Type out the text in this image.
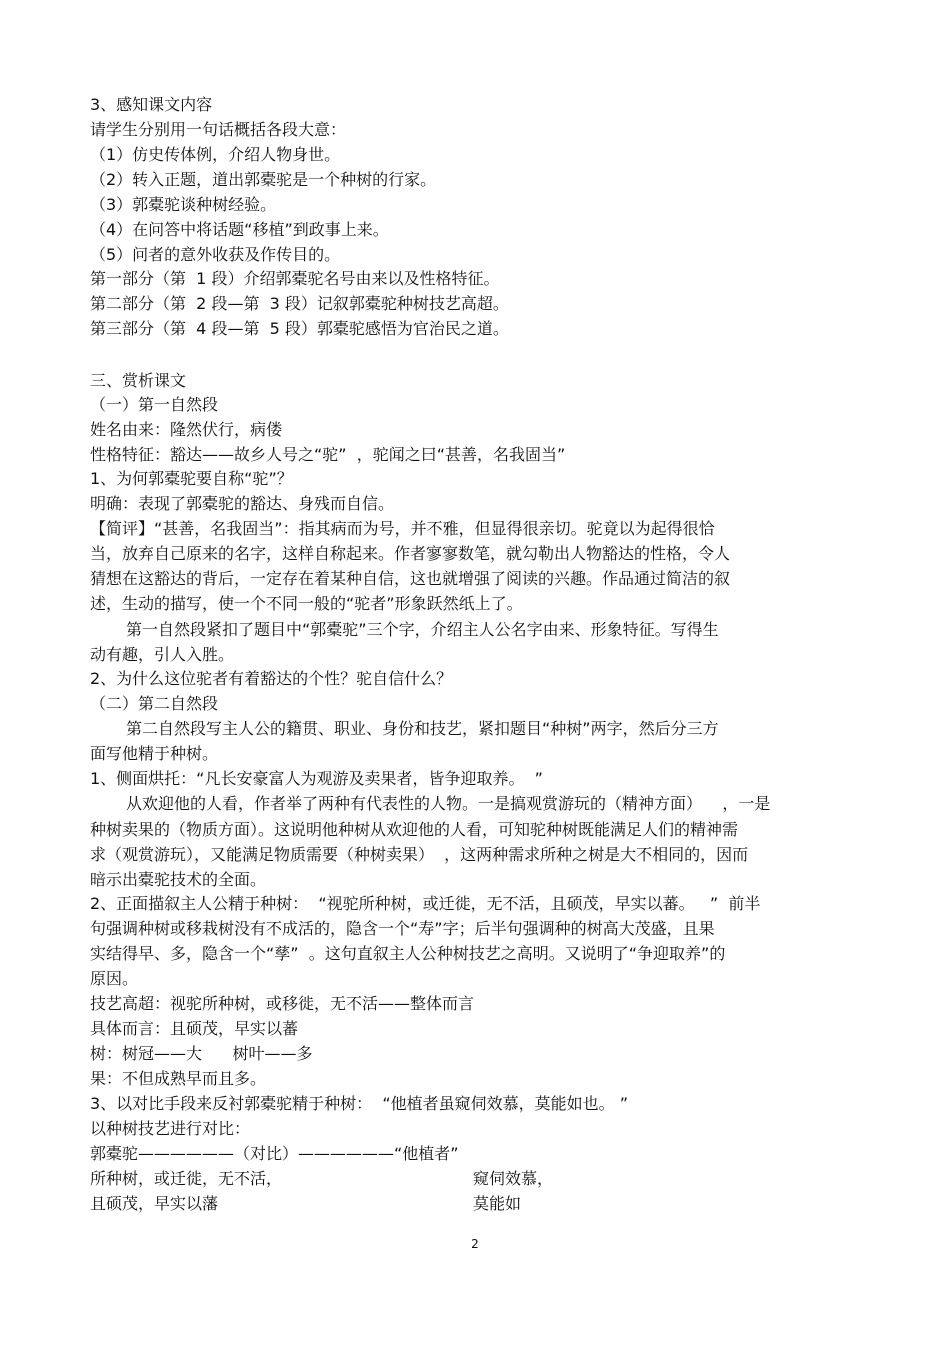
3、感知课文内容
请学生分别用一句话概括各段大意：
（1）仿史传体例，介绍人物身世。
（2）转入正题，道出郭橐驼是一个种树的行家。
（3）郭橐驼谈种树经验。
（4）在问答中将话题“移植”到政事上来。
（5）问者的意外收获及作传目的。
第一部分（第  1 段）介绍郭橐驼名号由来以及性格特征。
第二部分（第  2 段—第  3 段）记叙郭橐驼种树技艺高超。
第三部分（第  4 段—第  5 段）郭橐驼感悟为官治民之道。
三、赏析课文
（一）第一自然段
姓名由来：隆然伏行，病偻
性格特征：豁达——故乡人号之“驼”  ，驼闻之曰“甚善，名我固当”
1、为何郭橐驼要自称“驼”？
明确：表现了郭橐驼的豁达、身残而自信。
【简评】“甚善，名我固当”：指其病而为号，并不雅，但显得很亲切。驼竟以为起得很恰
当，放弃自己原来的名字，这样自称起来。作者寥寥数笔，就勾勒出人物豁达的性格，令人
猜想在这豁达的背后，一定存在着某种自信，这也就增强了阅读的兴趣。作品通过简洁的叙
述，生动的描写，使一个不同一般的“驼者”形象跃然纸上了。
第一自然段紧扣了题目中“郭橐驼”三个字，介绍主人公名字由来、形象特征。写得生
动有趣，引人入胜。
2、为什么这位驼者有着豁达的个性？驼自信什么？
（二）第二自然段
第二自然段写主人公的籍贯、职业、身份和技艺，紧扣题目“种树”两字，然后分三方
面写他精于种树。
1、侧面烘托：“凡长安豪富人为观游及卖果者，皆争迎取养。  ”
从欢迎他的人看，作者举了两种有代表性的人物。一是搞观赏游玩的（精神方面）    ，一是
种树卖果的（物质方面）。这说明他种树从欢迎他的人看，可知驼种树既能满足人们的精神需
求（观赏游玩），又能满足物质需要（种树卖果）  ，这两种需求所种之树是大不相同的，因而
暗示出橐驼技术的全面。
2、正面描叙主人公精于种树：  “视驼所种树，或迁徙，无不活，且硕茂，早实以蕃。   ”  前半
句强调种树或移栽树没有不成活的，隐含一个“寿”字；后半句强调种的树高大茂盛，且果
实结得早、多，隐含一个“孳”  。这句直叙主人公种树技艺之高明。又说明了“争迎取养”的
原因。
技艺高超：视驼所种树，或移徙，无不活——整体而言
具体而言：且硕茂，早实以蕃
树：树冠——大      树叶——多
果：不但成熟早而且多。
3、以对比手段来反衬郭橐驼精于种树：  “他植者虽窥伺效慕，莫能如也。 ”
以种树技艺进行对比：
郭橐驼——————（对比）——————“他植者”
所种树，或迁徙，无不活，	窥伺效慕，
且硕茂，早实以藩	莫能如
2
